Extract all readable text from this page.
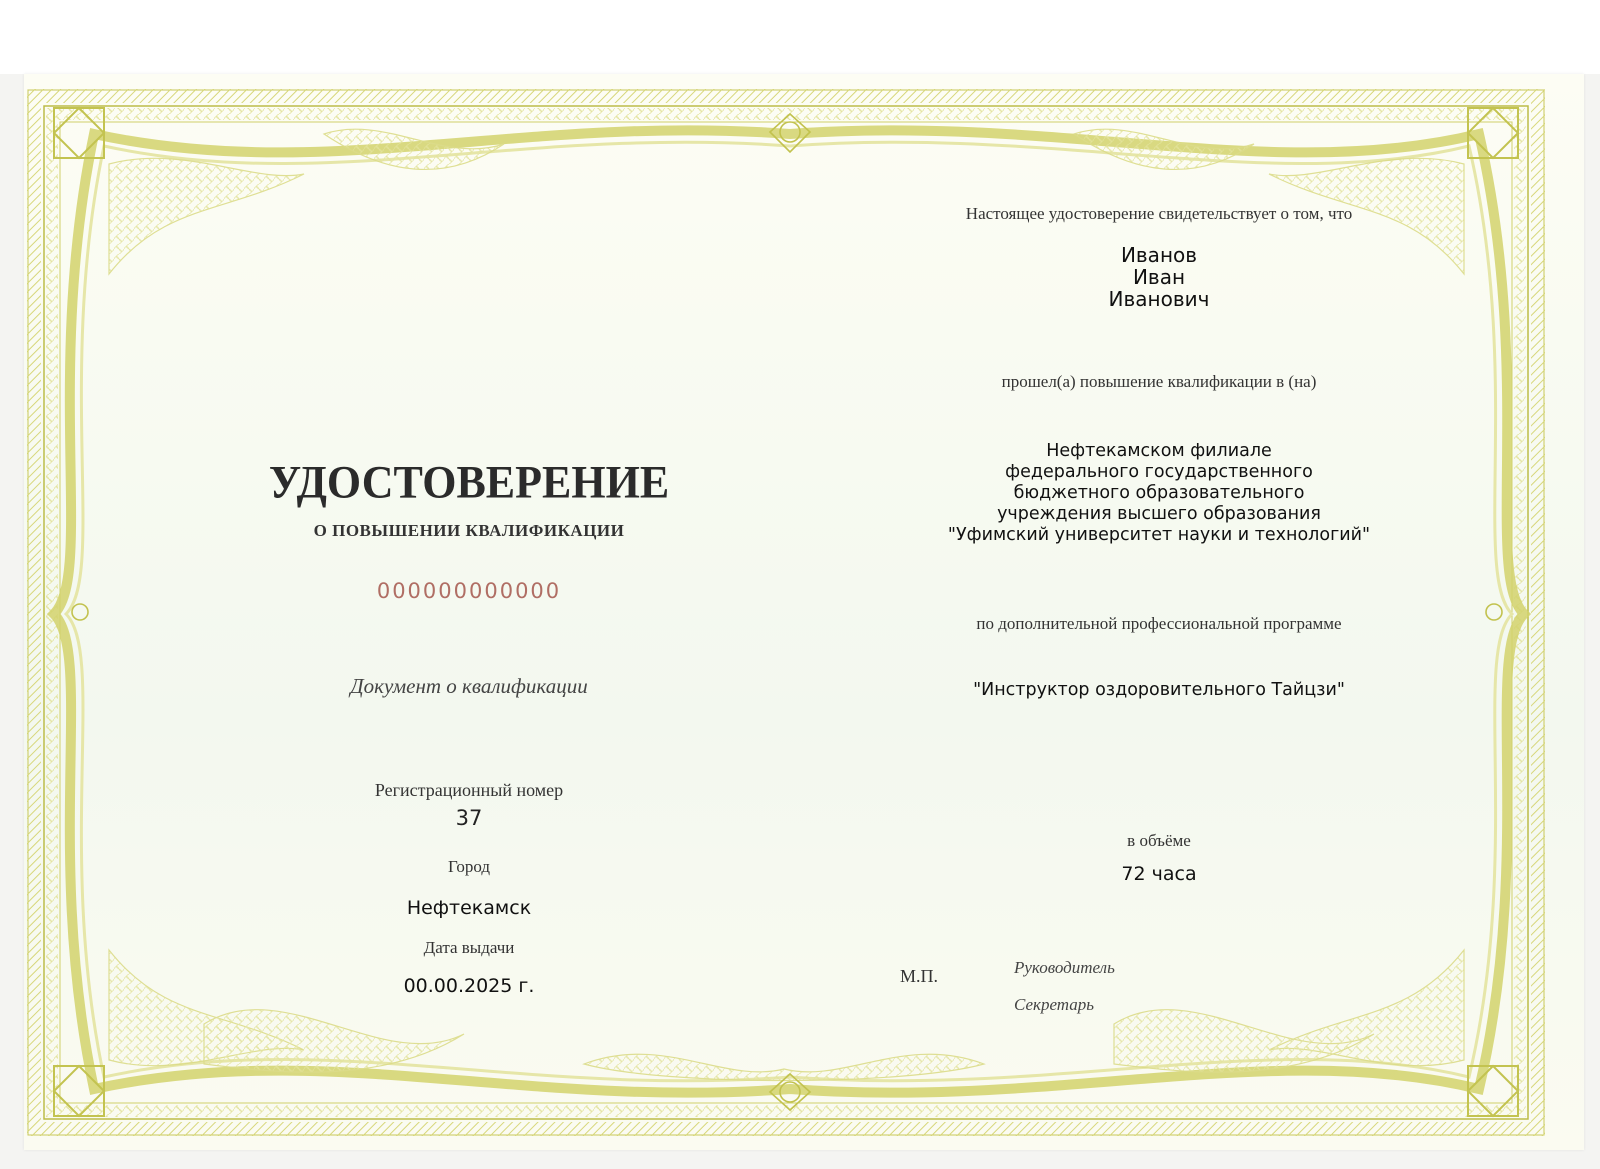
УДОСТОВЕРЕНИЕ
О ПОВЫШЕНИИ КВАЛИФИКАЦИИ
000000000000
Документ о квалификации
Регистрационный номер
37
Город
Нефтекамск
Дата выдачи
00.00.2025 г.
Настоящее удостоверение свидетельствует о том, что
Иванов
Иван
Иванович
прошел(а) повышение квалификации в (на)
Нефтекамском филиале
федерального государственного
бюджетного образовательного
учреждения высшего образования
"Уфимский университет науки и технологий"
по дополнительной профессиональной программе
"Инструктор оздоровительного Тайцзи"
в объёме
72 часа
М.П.	Руководитель
Секретарь
